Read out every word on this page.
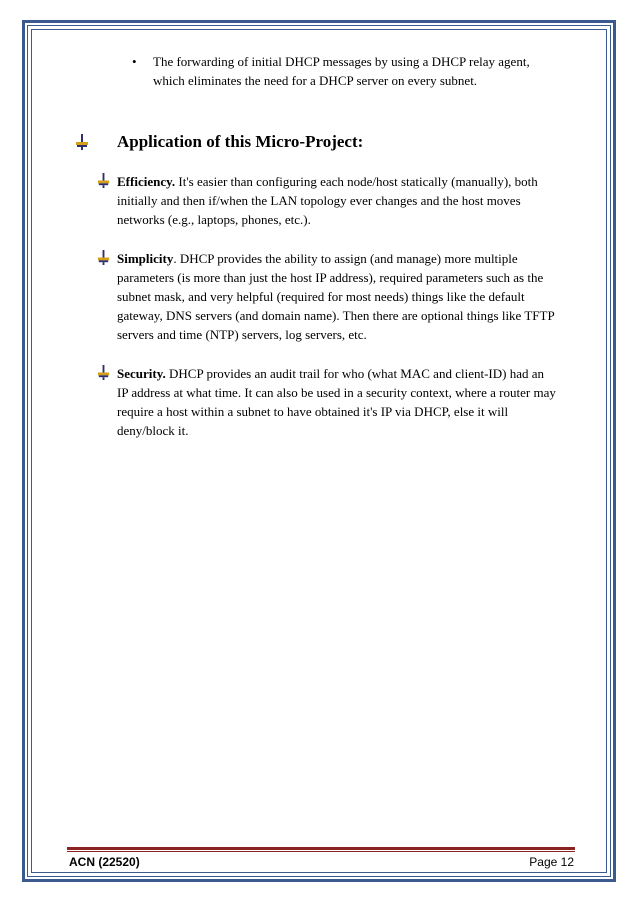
• The forwarding of initial DHCP messages by using a DHCP relay agent, which eliminates the need for a DHCP server on every subnet.
Application of this Micro-Project:
Efficiency. It's easier than configuring each node/host statically (manually), both initially and then if/when the LAN topology ever changes and the host moves networks (e.g., laptops, phones, etc.).
Simplicity. DHCP provides the ability to assign (and manage) more multiple parameters (is more than just the host IP address), required parameters such as the subnet mask, and very helpful (required for most needs) things like the default gateway, DNS servers (and domain name). Then there are optional things like TFTP servers and time (NTP) servers, log servers, etc.
Security. DHCP provides an audit trail for who (what MAC and client-ID) had an IP address at what time. It can also be used in a security context, where a router may require a host within a subnet to have obtained it's IP via DHCP, else it will deny/block it.
ACN (22520)	Page 12
